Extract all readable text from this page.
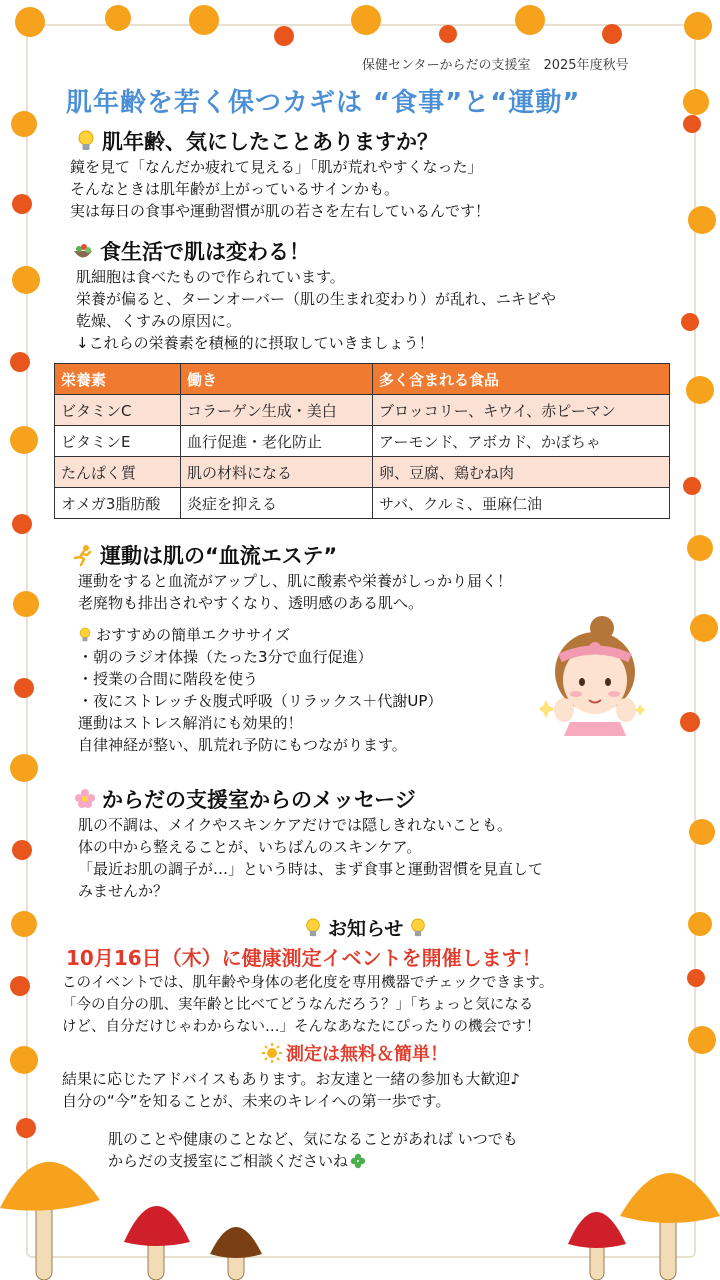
保健センターからだの支援室　2025年度秋号
肌年齢を若く保つカギは “食事”と“運動”
肌年齢、気にしたことありますか？

鏡を見て「なんだか疲れて見える」「肌が荒れやすくなった」

そんなときは肌年齢が上がっているサインかも。

実は毎日の食事や運動習慣が肌の若さを左右しているんです！

食生活で肌は変わる！

肌細胞は食べたもので作られています。

栄養が偏ると、ターンオーバー（肌の生まれ変わり）が乱れ、ニキビや

乾燥、くすみの原因に。

↓これらの栄養素を積極的に摂取していきましょう！

栄養素	働き	多く含まれる食品
ビタミンC	コラーゲン生成・美白	ブロッコリー、キウイ、赤ピーマン
ビタミンE	血行促進・老化防止	アーモンド、アボカド、かぼちゃ
たんぱく質	肌の材料になる	卵、豆腐、鶏むね肉
オメガ3脂肪酸	炎症を抑える	サバ、クルミ、亜麻仁油
運動は肌の“血流エステ”

運動をすると血流がアップし、肌に酸素や栄養がしっかり届く！

老廃物も排出されやすくなり、透明感のある肌へ。

おすすめの簡単エクササイズ

・朝のラジオ体操（たった3分で血行促進）

・授業の合間に階段を使う

・夜にストレッチ＆腹式呼吸（リラックス＋代謝UP）

運動はストレス解消にも効果的！

自律神経が整い、肌荒れ予防にもつながります。

からだの支援室からのメッセージ

肌の不調は、メイクやスキンケアだけでは隠しきれないことも。

体の中から整えることが、いちばんのスキンケア。

「最近お肌の調子が…」という時は、まず食事と運動習慣を見直して

みませんか？

お知らせ
10月16日（木）に健康測定イベントを開催します！

このイベントでは、肌年齢や身体の老化度を専用機器でチェックできます。

「今の自分の肌、実年齢と比べてどうなんだろう？」「ちょっと気になる

けど、自分だけじゃわからない…」そんなあなたにぴったりの機会です！

測定は無料＆簡単！

結果に応じたアドバイスもあります。お友達と一緒の参加も大歓迎♪

自分の“今”を知ることが、未来のキレイへの第一歩です。

肌のことや健康のことなど、気になることがあれば いつでも

からだの支援室にご相談くださいね
